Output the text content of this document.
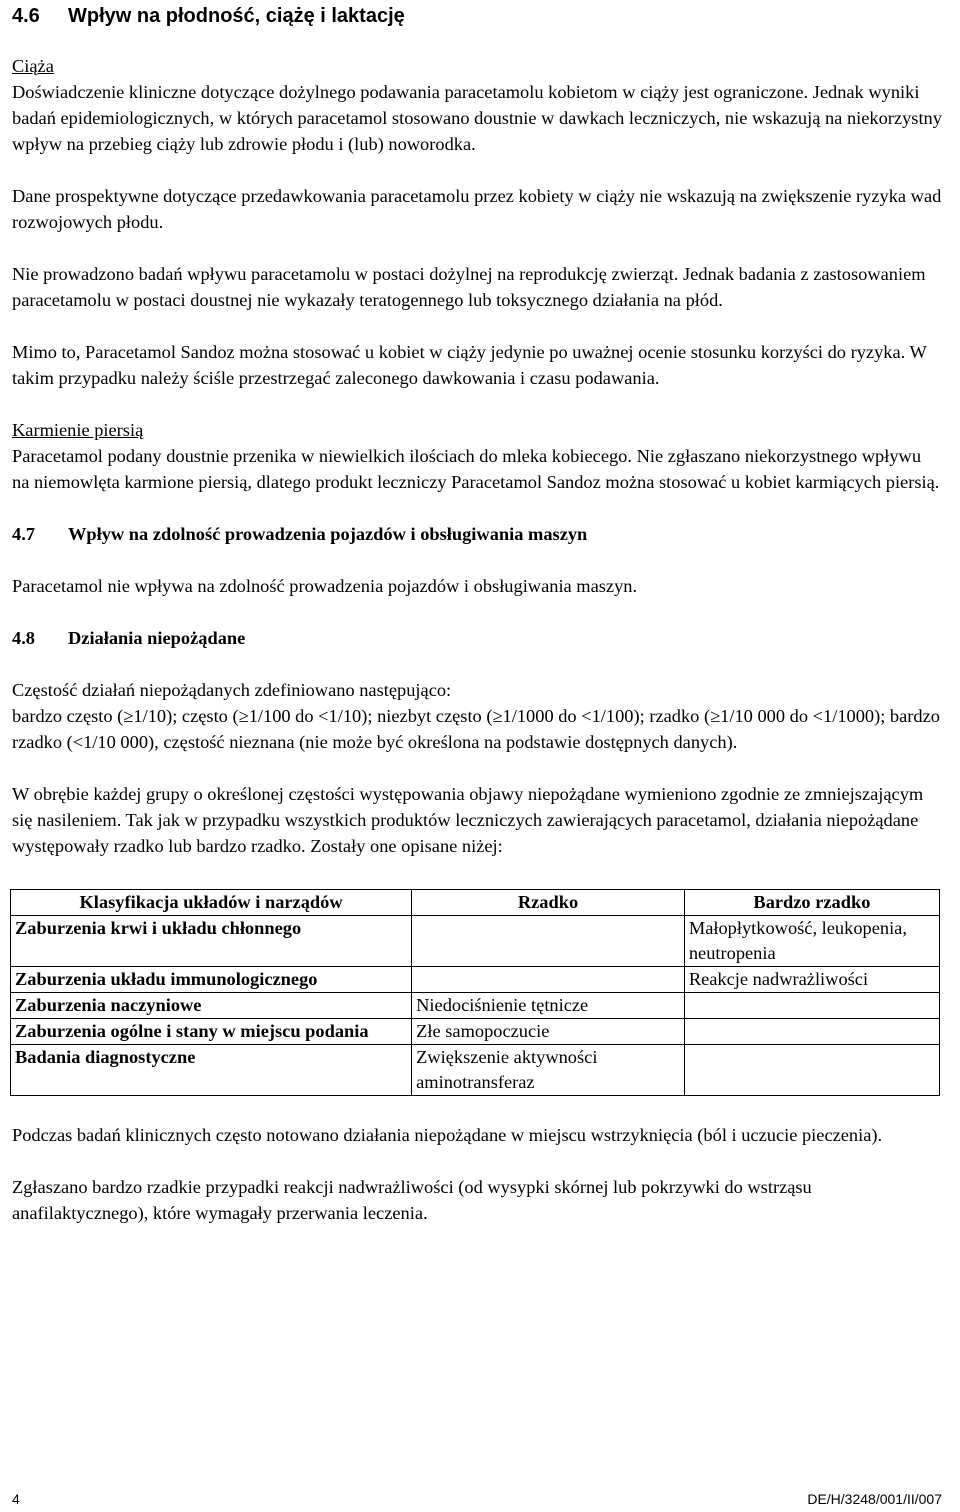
4.6 Wpływ na płodność, ciążę i laktację

Ciąża

Doświadczenie kliniczne dotyczące dożylnego podawania paracetamolu kobietom w ciąży jest ograniczone. Jednak wyniki badań epidemiologicznych, w których paracetamol stosowano doustnie w dawkach leczniczych, nie wskazują na niekorzystny wpływ na przebieg ciąży lub zdrowie płodu i (lub) noworodka.

Dane prospektywne dotyczące przedawkowania paracetamolu przez kobiety w ciąży nie wskazują na zwiększenie ryzyka wad rozwojowych płodu.

Nie prowadzono badań wpływu paracetamolu w postaci dożylnej na reprodukcję zwierząt. Jednak badania z zastosowaniem paracetamolu w postaci doustnej nie wykazały teratogennego lub toksycznego działania na płód.

Mimo to, Paracetamol Sandoz można stosować u kobiet w ciąży jedynie po uważnej ocenie stosunku korzyści do ryzyka. W takim przypadku należy ściśle przestrzegać zaleconego dawkowania i czasu podawania.

Karmienie piersią

Paracetamol podany doustnie przenika w niewielkich ilościach do mleka kobiecego. Nie zgłaszano niekorzystnego wpływu na niemowlęta karmione piersią, dlatego produkt leczniczy Paracetamol Sandoz można stosować u kobiet karmiących piersią.

4.7 Wpływ na zdolność prowadzenia pojazdów i obsługiwania maszyn

Paracetamol nie wpływa na zdolność prowadzenia pojazdów i obsługiwania maszyn.

4.8 Działania niepożądane

Częstość działań niepożądanych zdefiniowano następująco:

bardzo często (≥1/10); często (≥1/100 do <1/10); niezbyt często (≥1/1000 do <1/100); rzadko (≥1/10 000 do <1/1000); bardzo rzadko (<1/10 000), częstość nieznana (nie może być określona na podstawie dostępnych danych).

W obrębie każdej grupy o określonej częstości występowania objawy niepożądane wymieniono zgodnie ze zmniejszającym się nasileniem. Tak jak w przypadku wszystkich produktów leczniczych zawierających paracetamol, działania niepożądane występowały rzadko lub bardzo rzadko. Zostały one opisane niżej:

Klasyfikacja układów i narządów	Rzadko	Bardzo rzadko
Zaburzenia krwi i układu chłonnego		Małopłytkowość, leukopenia, neutropenia
Zaburzenia układu immunologicznego		Reakcje nadwrażliwości
Zaburzenia naczyniowe	Niedociśnienie tętnicze	
Zaburzenia ogólne i stany w miejscu podania	Złe samopoczucie	
Badania diagnostyczne	Zwiększenie aktywności aminotransferaz	

Podczas badań klinicznych często notowano działania niepożądane w miejscu wstrzyknięcia (ból i uczucie pieczenia).

Zgłaszano bardzo rzadkie przypadki reakcji nadwrażliwości (od wysypki skórnej lub pokrzywki do wstrząsu anafilaktycznego), które wymagały przerwania leczenia.

4	DE/H/3248/001/II/007
